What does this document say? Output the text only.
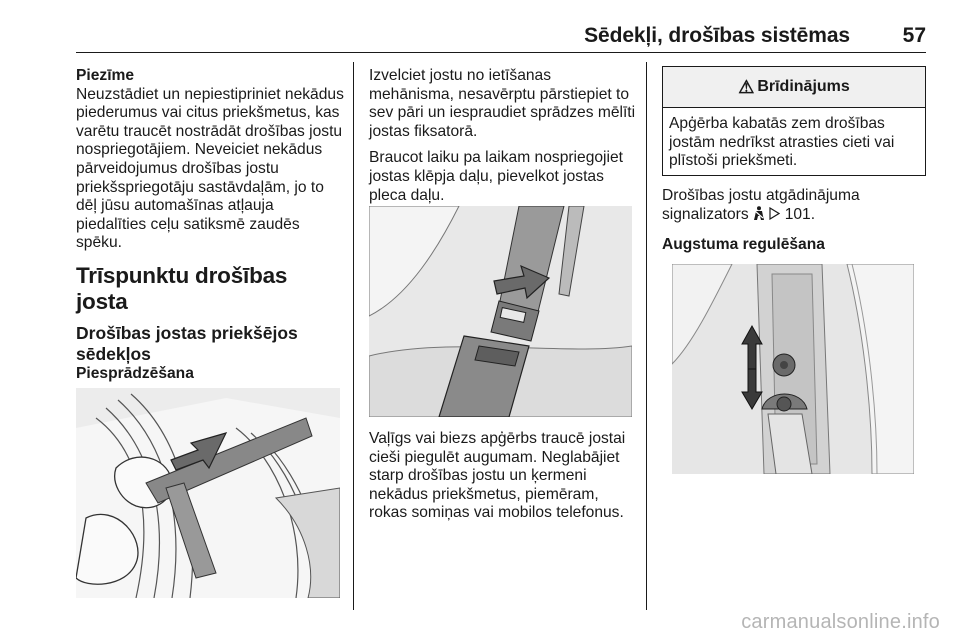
Sēdekļi, drošības sistēmas	57

Piezīme

Neuzstādiet un nepiestipriniet nekādus piederumus vai citus priekšmetus, kas varētu traucēt nostrādāt drošības jostu nospriegotājiem. Neveiciet nekādus pārveidojumus drošības jostu priekšspriegotāju sastāvdaļām, jo to dēļ jūsu automašīnas atļauja piedalīties ceļu satiksmē zaudēs spēku.

Trīspunktu drošības josta
Drošības jostas priekšējos sēdekļos

Piesprādzēšana

Izvelciet jostu no ietīšanas mehānisma, nesavērptu pārstiepiet to sev pāri un iespraudiet sprādzes mēlīti jostas fiksatorā.

Braucot laiku pa laikam nospriegojiet jostas klēpja daļu, pievelkot jostas pleca daļu.

Vaļīgs vai biezs apģērbs traucē jostai cieši piegulēt augumam. Neglabājiet starp drošības jostu un ķermeni nekādus priekšmetus, piemēram, rokas somiņas vai mobilos telefonus.

⚠ Brīdinājums
Apģērba kabatās zem drošības jostām nedrīkst atrasties cieti vai plīstoši priekšmeti.

Drošības jostu atgādinājuma signalizators 101.

Augstuma regulēšana

carmanualsonline.info
